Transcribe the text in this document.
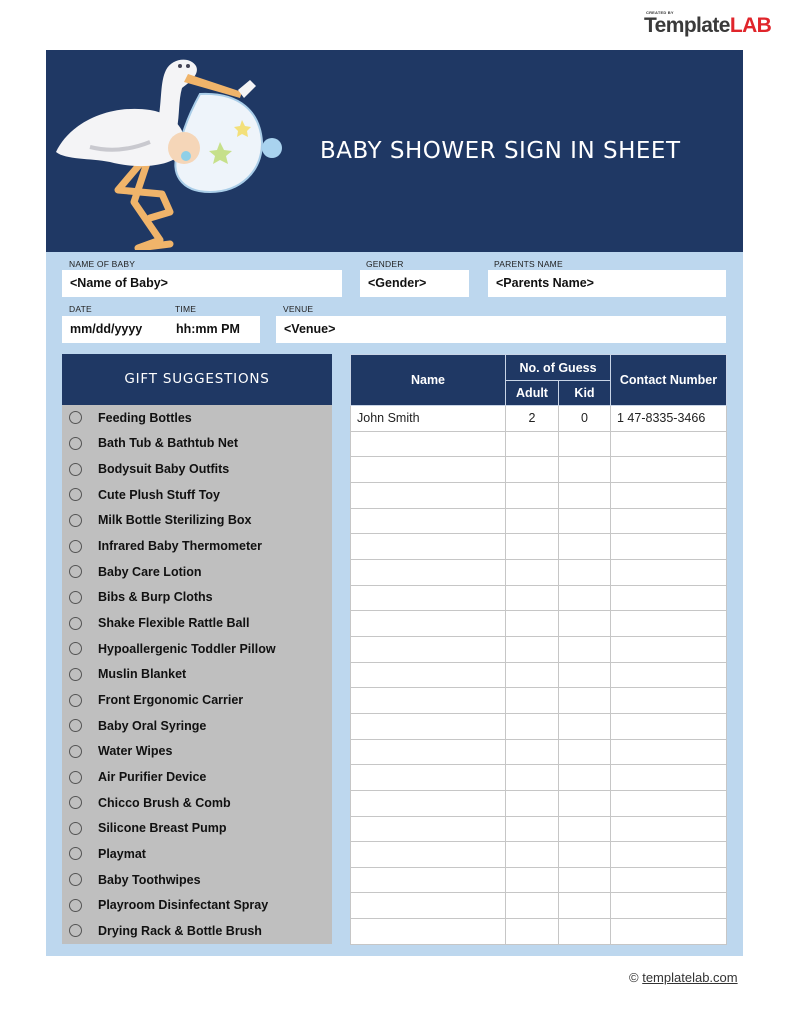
CREATED BY
TemplateLAB
BABY SHOWER SIGN IN SHEET
NAME OF BABY
<Name of Baby>
GENDER
<Gender>
PARENTS NAME
<Parents Name>
DATE
mm/dd/yyyy
TIME
hh:mm PM
VENUE
<Venue>
GIFT SUGGESTIONS
Feeding Bottles
Bath Tub & Bathtub Net
Bodysuit Baby Outfits
Cute Plush Stuff Toy
Milk Bottle Sterilizing Box
Infrared Baby Thermometer
Baby Care Lotion
Bibs & Burp Cloths
Shake Flexible Rattle Ball
Hypoallergenic Toddler Pillow
Muslin Blanket
Front Ergonomic Carrier
Baby Oral Syringe
Water Wipes
Air Purifier Device
Chicco Brush & Comb
Silicone Breast Pump
Playmat
Baby Toothwipes
Playroom Disinfectant Spray
Drying Rack & Bottle Brush
Name	No. of Guess		Contact Number
	Adult	Kid	
John Smith	2	0	1 47-8335-3466

© templatelab.com
